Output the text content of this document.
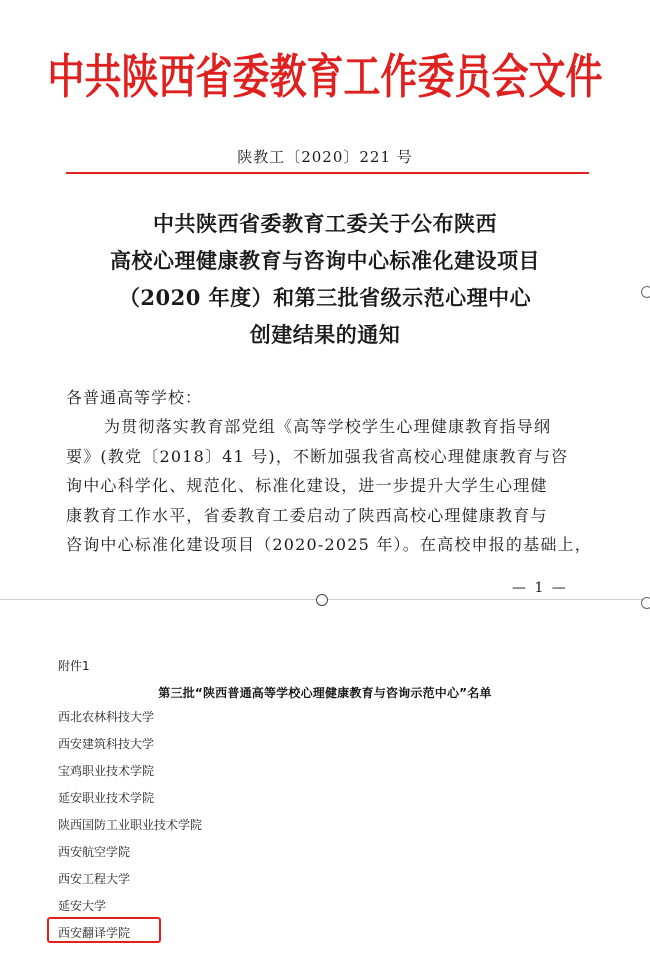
中共陕西省委教育工作委员会文件
陕教工〔2020〕221 号
中共陕西省委教育工委关于公布陕西
高校心理健康教育与咨询中心标准化建设项目
（2020 年度）和第三批省级示范心理中心
创建结果的通知
各普通高等学校：
为贯彻落实教育部党组《高等学校学生心理健康教育指导纲
要》(教党〔2018〕41 号)，不断加强我省高校心理健康教育与咨
询中心科学化、规范化、标准化建设，进一步提升大学生心理健
康教育工作水平，省委教育工委启动了陕西高校心理健康教育与
咨询中心标准化建设项目（2020-2025 年）。在高校申报的基础上，
— 1 —
附件1
第三批“陕西普通高等学校心理健康教育与咨询示范中心”名单
西北农林科技大学
西安建筑科技大学
宝鸡职业技术学院
延安职业技术学院
陕西国防工业职业技术学院
西安航空学院
西安工程大学
延安大学
西安翻译学院
